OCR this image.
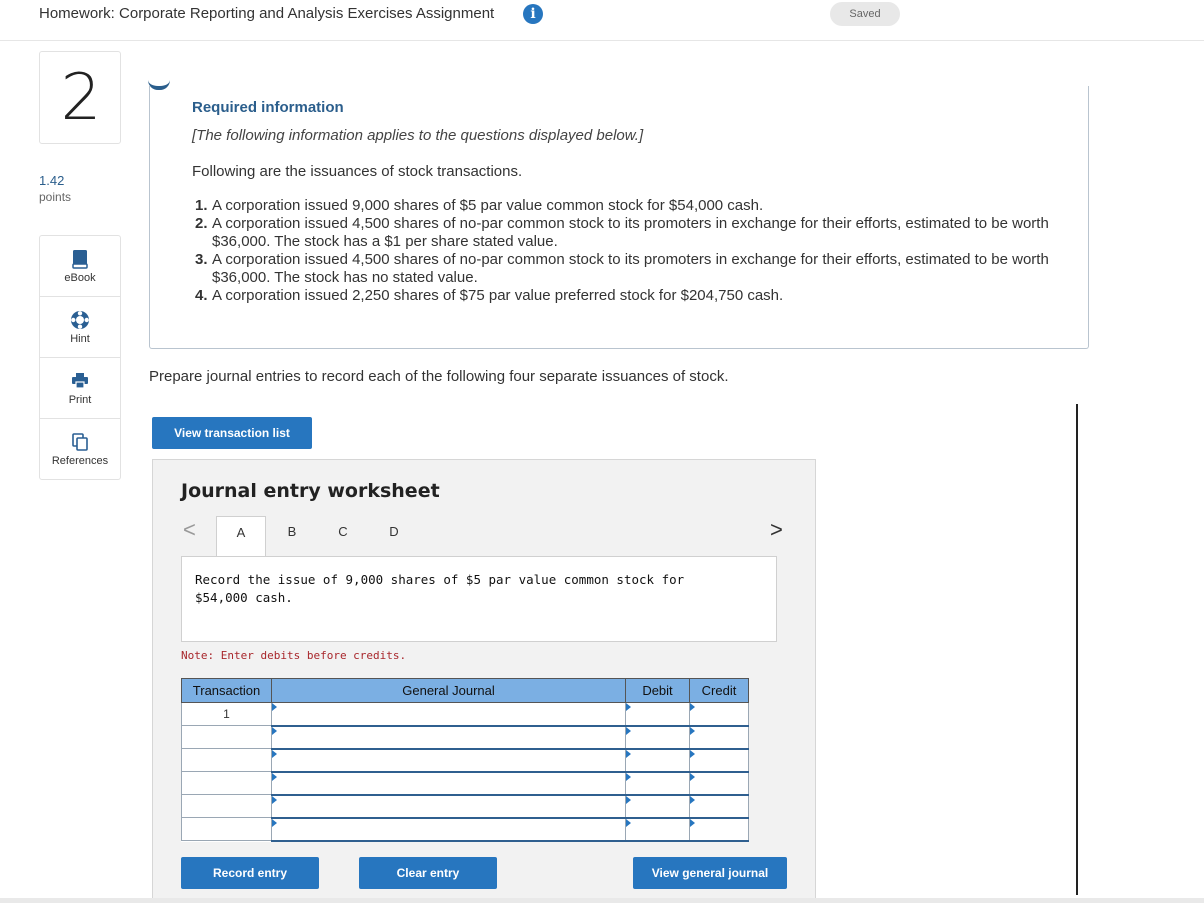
Homework: Corporate Reporting and Analysis Exercises Assignment	i	Saved
2
1.42
points
eBook
Hint
Print
References
Required information
[The following information applies to the questions displayed below.]
Following are the issuances of stock transactions.
1. A corporation issued 9,000 shares of $5 par value common stock for $54,000 cash.
2. A corporation issued 4,500 shares of no-par common stock to its promoters in exchange for their efforts, estimated to be worth $36,000. The stock has a $1 per share stated value.
3. A corporation issued 4,500 shares of no-par common stock to its promoters in exchange for their efforts, estimated to be worth $36,000. The stock has no stated value.
4. A corporation issued 2,250 shares of $75 par value preferred stock for $204,750 cash.
Prepare journal entries to record each of the following four separate issuances of stock.
View transaction list
Journal entry worksheet
<	A	B	C	D	>
Record the issue of 9,000 shares of $5 par value common stock for $54,000 cash.
Note: Enter debits before credits.
Transaction	General Journal	Debit	Credit
1			

Record entry	Clear entry	View general journal
